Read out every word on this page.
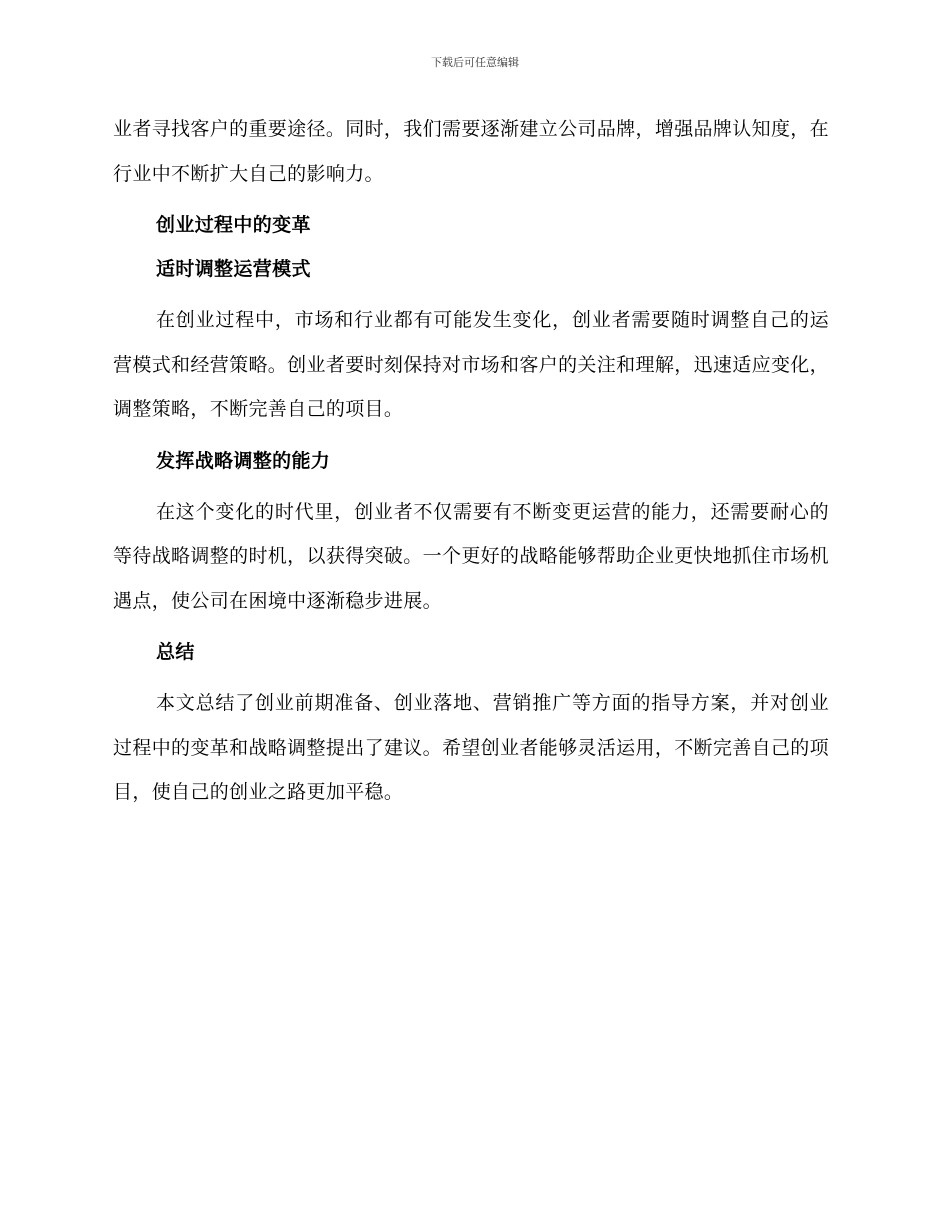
下载后可任意编辑

业者寻找客户的重要途径。同时，我们需要逐渐建立公司品牌，增强品牌认知度，在行业中不断扩大自己的影响力。

创业过程中的变革
适时调整运营模式

在创业过程中，市场和行业都有可能发生变化，创业者需要随时调整自己的运营模式和经营策略。创业者要时刻保持对市场和客户的关注和理解，迅速适应变化，调整策略，不断完善自己的项目。

发挥战略调整的能力

在这个变化的时代里，创业者不仅需要有不断变更运营的能力，还需要耐心的等待战略调整的时机，以获得突破。一个更好的战略能够帮助企业更快地抓住市场机遇点，使公司在困境中逐渐稳步进展。

总结

本文总结了创业前期准备、创业落地、营销推广等方面的指导方案，并对创业过程中的变革和战略调整提出了建议。希望创业者能够灵活运用，不断完善自己的项目，使自己的创业之路更加平稳。
